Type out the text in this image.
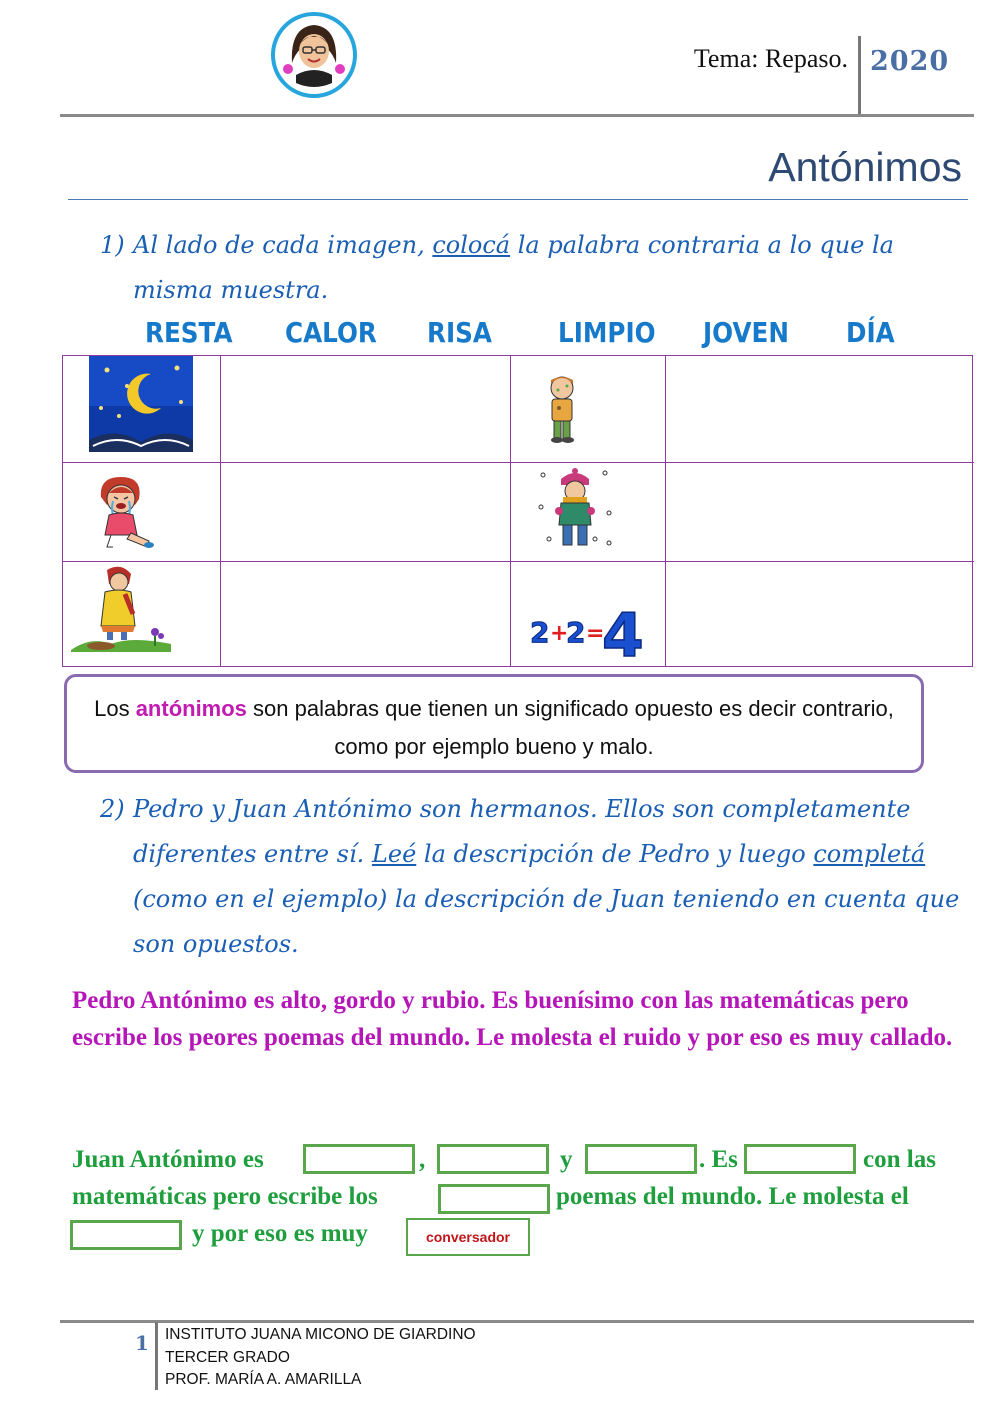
Tema: Repaso. 2020
Antónimos
1) Al lado de cada imagen, colocá la palabra contraria a lo que la misma muestra.
RESTA CALOR RISA LIMPIO JOVEN DÍA
2 +
2 =
4
Los antónimos son palabras que tienen un significado opuesto es decir contrario, como por ejemplo bueno y malo.
2) Pedro y Juan Antónimo son hermanos. Ellos son completamente diferentes entre sí. Leé la descripción de Pedro y luego completá (como en el ejemplo) la descripción de Juan teniendo en cuenta que son opuestos.
Pedro Antónimo es alto, gordo y rubio. Es buenísimo con las matemáticas pero escribe los peores poemas del mundo. Le molesta el ruido y por eso es muy callado.
Juan Antónimo es	,	y	. Es	con las
matemáticas pero escribe los	poemas del mundo. Le molesta el
y por eso es muy	conversador
1 INSTITUTO JUANA MICONO DE GIARDINO
TERCER GRADO
PROF. MARÍA A. AMARILLA
